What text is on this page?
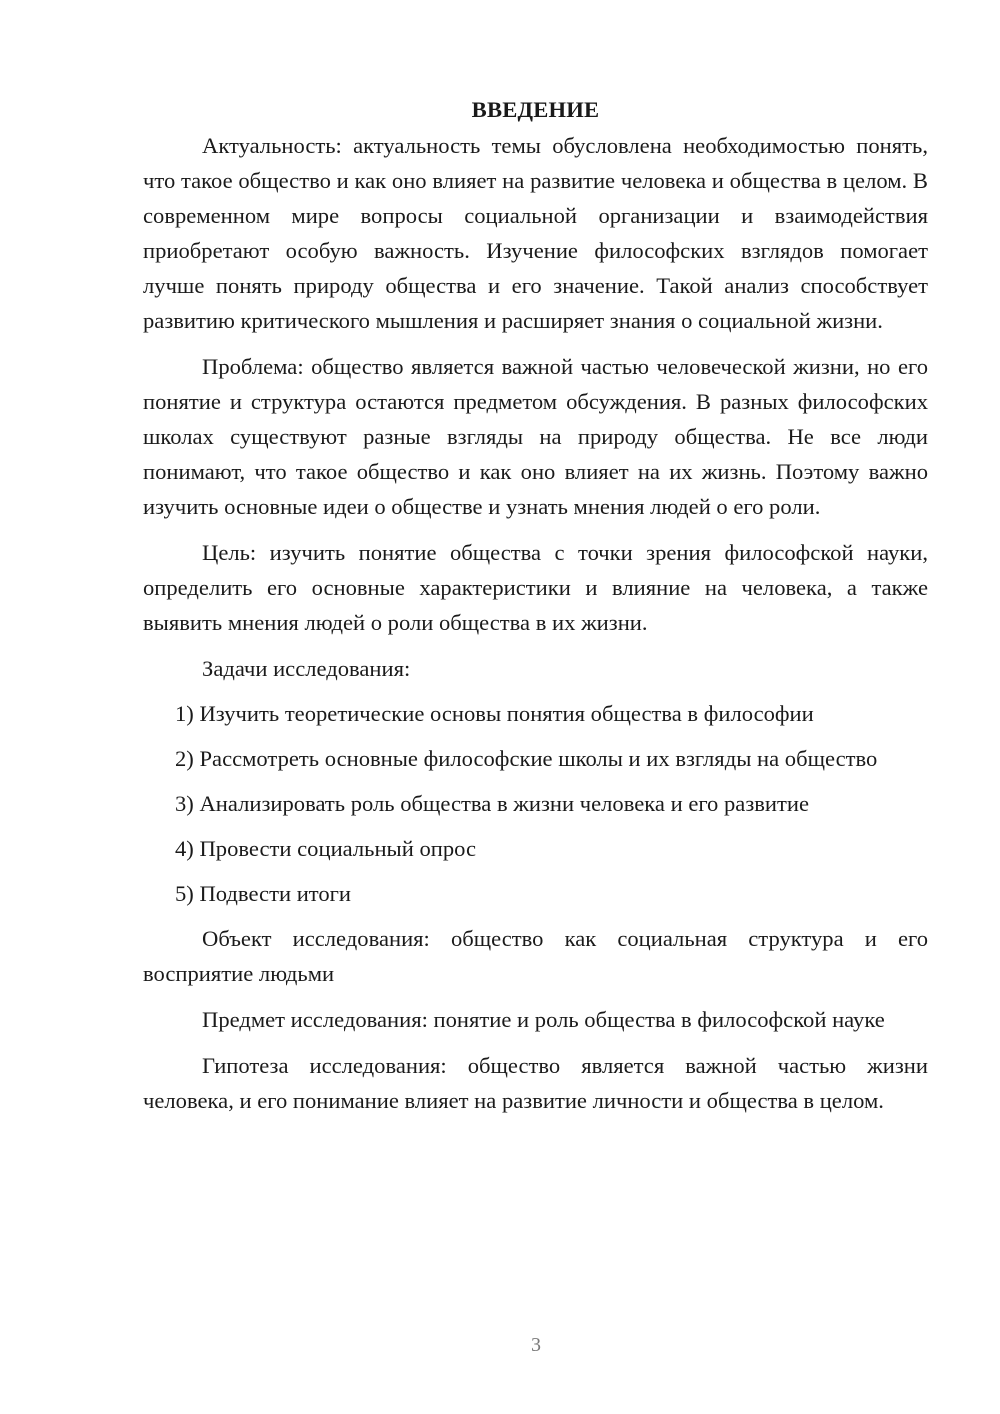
ВВЕДЕНИЕ

Актуальность: актуальность темы обусловлена необходимостью понять, что такое общество и как оно влияет на развитие человека и общества в целом. В современном мире вопросы социальной организации и взаимодействия приобретают особую важность. Изучение философских взглядов помогает лучше понять природу общества и его значение. Такой анализ способствует развитию критического мышления и расширяет знания о социальной жизни.

Проблема: общество является важной частью человеческой жизни, но его понятие и структура остаются предметом обсуждения. В разных философских школах существуют разные взгляды на природу общества. Не все люди понимают, что такое общество и как оно влияет на их жизнь. Поэтому важно изучить основные идеи о обществе и узнать мнения людей о его роли.

Цель: изучить понятие общества с точки зрения философской науки, определить его основные характеристики и влияние на человека, а также выявить мнения людей о роли общества в их жизни.

Задачи исследования:

1) Изучить теоретические основы понятия общества в философии

2) Рассмотреть основные философские школы и их взгляды на общество

3) Анализировать роль общества в жизни человека и его развитие

4) Провести социальный опрос

5) Подвести итоги

Объект исследования: общество как социальная структура и его восприятие людьми

Предмет исследования: понятие и роль общества в философской науке

Гипотеза исследования: общество является важной частью жизни человека, и его понимание влияет на развитие личности и общества в целом.

3
